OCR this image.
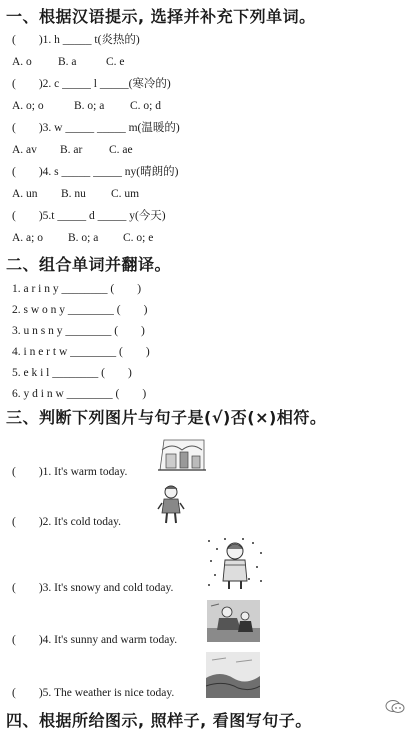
一、根据汉语提示, 选择并补充下列单词。
(　　)1. h _____ t(炎热的)
A. o B. a	C. e
(　　)2. c _____ l _____(寒冷的)
A. o; o	B. o; a C. o; d
(　　)3. w _____ _____ m(温暖的)
A. av B. ar C. ae
(　　)4. s _____ _____ ny(晴朗的)
A. un B. nu C. um
(　　)5.t _____ d _____ y(今天)
A. a; o B. o; a C. o; e
二、组合单词并翻译。
1. a r i n y ________ (　　)
2. s w o n y ________ (　　)
3. u n s n y ________ (　　)
4. i n e r t w ________ (　　)
5. e k i l ________ (　　)
6. y d i n w ________ (　　)
三、判断下列图片与句子是(√)否(×)相符。
(　　)1. It's warm today.
(　　)2. It's cold today.
(　　)3. It's snowy and cold today.
(　　)4. It's sunny and warm today.
(　　)5. The weather is nice today.
四、根据所给图示, 照样子, 看图写句子。
